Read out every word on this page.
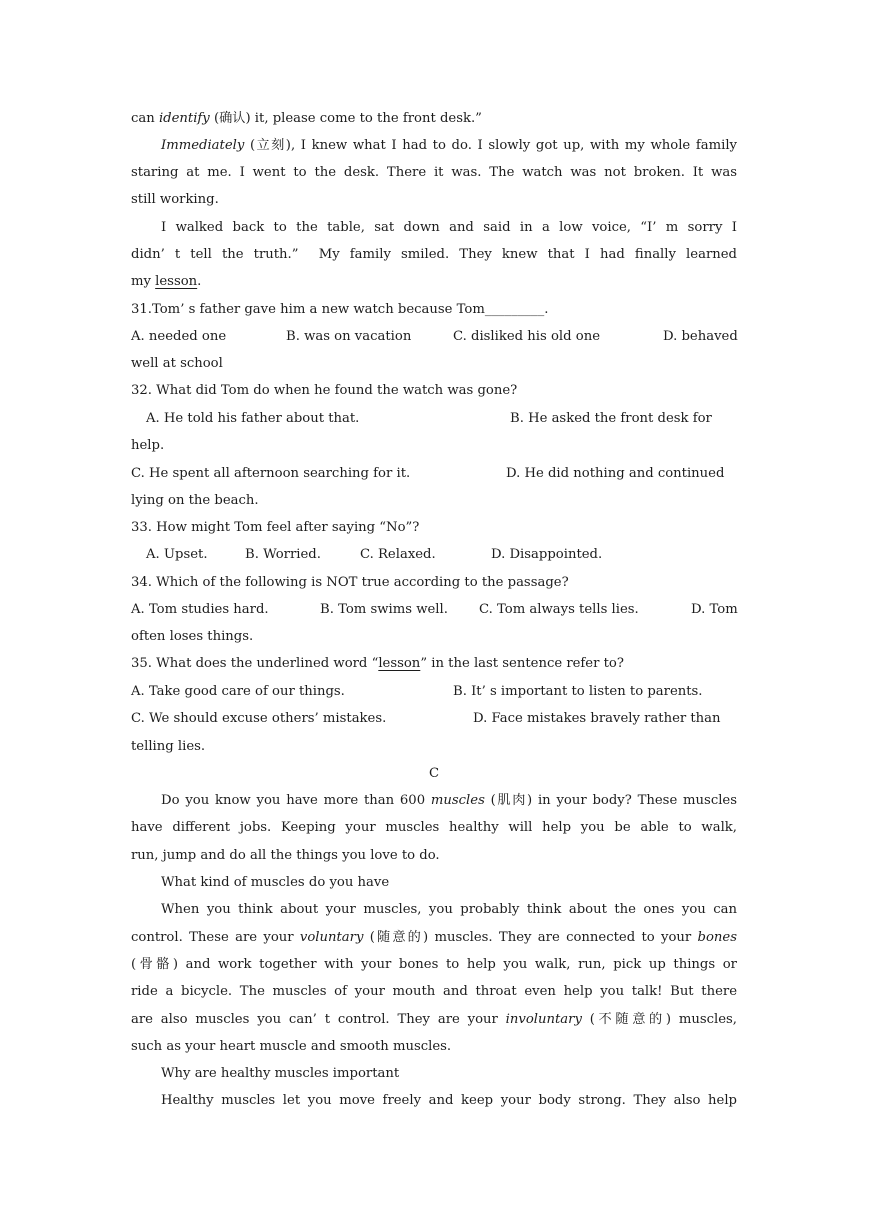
can identify (确认) it, please come to the front desk.”
Immediately (立刻), I knew what I had to do. I slowly got up, with my whole family
staring at me. I went to the desk. There it was. The watch was not broken. It was
still working.
I walked back to the table, sat down and said in a low voice, “I’ m sorry I
didn’ t tell the truth.”  My family smiled. They knew that I had finally learned
my lesson.
31.Tom’ s father gave him a new watch because Tom_________.
A. needed one	B. was on vacation	C. disliked his old one	D. behaved
well at school
32. What did Tom do when he found the watch was gone?
A. He told his father about that.	B. He asked the front desk for
help.
C. He spent all afternoon searching for it.	D. He did nothing and continued
lying on the beach.
33. How might Tom feel after saying “No”?
A. Upset.	B. Worried.	C. Relaxed.	D. Disappointed.
34. Which of the following is NOT true according to the passage?
A. Tom studies hard.	B. Tom swims well. C. Tom always tells lies.	D. Tom
often loses things.
35. What does the underlined word “lesson” in the last sentence refer to?
A. Take good care of our things.	B. It’ s important to listen to parents.
C. We should excuse others’ mistakes.	D. Face mistakes bravely rather than
telling lies.
C
Do you know you have more than 600 muscles (肌肉) in your body? These muscles
have different jobs. Keeping your muscles healthy will help you be able to walk,
run, jump and do all the things you love to do.
What kind of muscles do you have
When you think about your muscles, you probably think about the ones you can
control. These are your voluntary (随意的) muscles. They are connected to your bones
(骨骼) and work together with your bones to help you walk, run, pick up things or
ride a bicycle. The muscles of your mouth and throat even help you talk! But there
are also muscles you can’ t control. They are your involuntary (不随意的) muscles,
such as your heart muscle and smooth muscles.
Why are healthy muscles important
Healthy muscles let you move freely and keep your body strong. They also help
